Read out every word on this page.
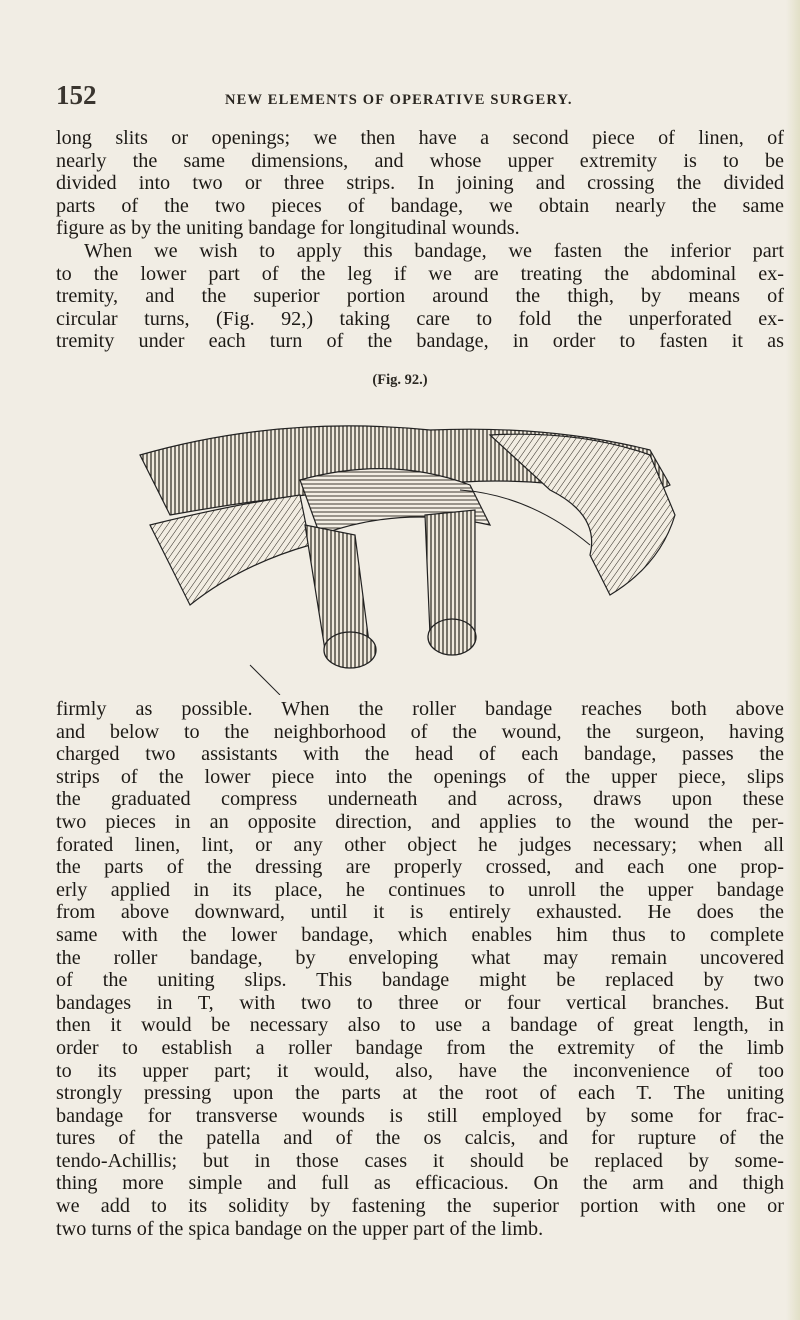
152	NEW ELEMENTS OF OPERATIVE SURGERY.
long slits or openings; we then have a second piece of linen, of
nearly the same dimensions, and whose upper extremity is to be
divided into two or three strips. In joining and crossing the divided
parts of the two pieces of bandage, we obtain nearly the same
figure as by the uniting bandage for longitudinal wounds.
When we wish to apply this bandage, we fasten the inferior part
to the lower part of the leg if we are treating the abdominal ex-
tremity, and the superior portion around the thigh, by means of
circular turns, (Fig. 92,) taking care to fold the unperforated ex-
tremity under each turn of the bandage, in order to fasten it as
(Fig. 92.)
firmly as possible. When the roller bandage reaches both above
and below to the neighborhood of the wound, the surgeon, having
charged two assistants with the head of each bandage, passes the
strips of the lower piece into the openings of the upper piece, slips
the graduated compress underneath and across, draws upon these
two pieces in an opposite direction, and applies to the wound the per-
forated linen, lint, or any other object he judges necessary; when all
the parts of the dressing are properly crossed, and each one prop-
erly applied in its place, he continues to unroll the upper bandage
from above downward, until it is entirely exhausted. He does the
same with the lower bandage, which enables him thus to complete
the roller bandage, by enveloping what may remain uncovered
of the uniting slips. This bandage might be replaced by two
bandages in T, with two to three or four vertical branches. But
then it would be necessary also to use a bandage of great length, in
order to establish a roller bandage from the extremity of the limb
to its upper part; it would, also, have the inconvenience of too
strongly pressing upon the parts at the root of each T. The uniting
bandage for transverse wounds is still employed by some for frac-
tures of the patella and of the os calcis, and for rupture of the
tendo-Achillis; but in those cases it should be replaced by some-
thing more simple and full as efficacious. On the arm and thigh
we add to its solidity by fastening the superior portion with one or
two turns of the spica bandage on the upper part of the limb.
